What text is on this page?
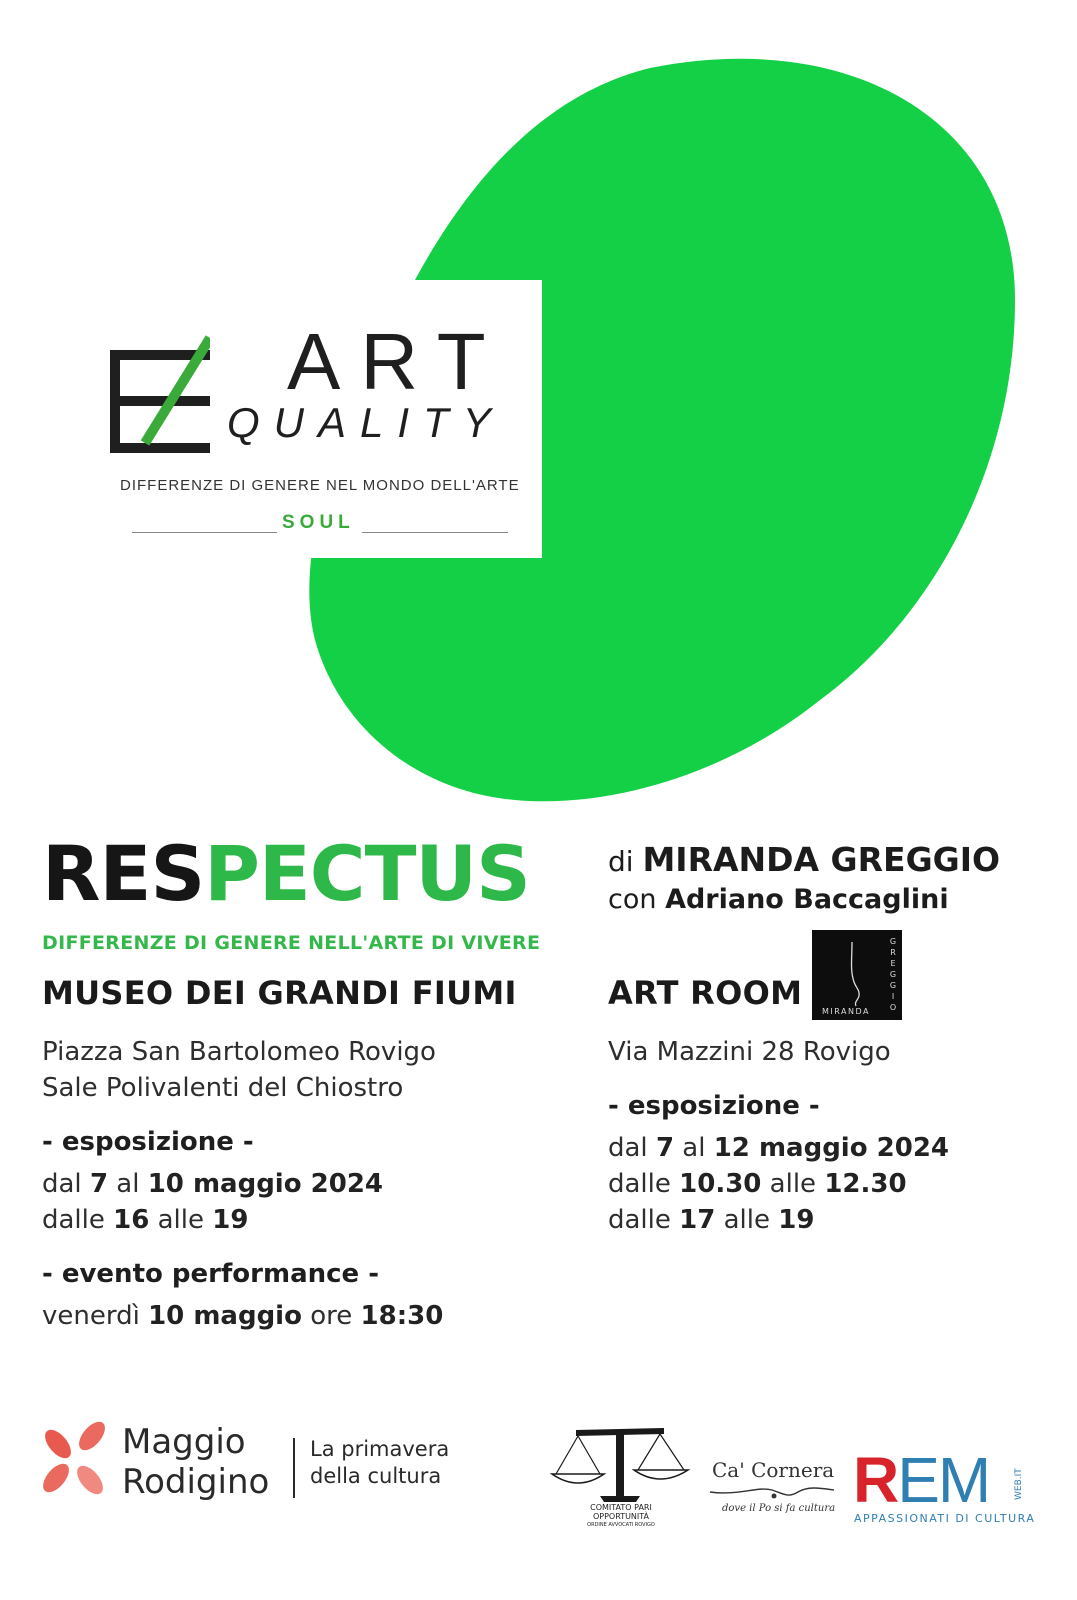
ART
QUALITY
DIFFERENZE DI GENERE NEL MONDO DELL'ARTE
SOUL
RESPECTUS
DIFFERENZE DI GENERE NELL'ARTE DI VIVERE
MUSEO DEI GRANDI FIUMI
Piazza San Bartolomeo Rovigo
Sale Polivalenti del Chiostro
- esposizione -
dal 7 al 10 maggio 2024
dalle 16 alle 19
- evento performance -
venerdì 10 maggio ore 18:30
di MIRANDA GREGGIO
con Adriano Baccaglini
ART ROOM
GREGGIO
MIRANDA
Via Mazzini 28 Rovigo
- esposizione -
dal 7 al 12 maggio 2024
dalle 10.30 alle 12.30
dalle 17 alle 19
Maggio
Rodigino
La primavera
della cultura
COMITATO PARI
OPPORTUNITÀ
ORDINE AVVOCATI ROVIGO
Ca' Cornera
dove il Po si fa cultura REM	WEB.IT
APPASSIONATI DI CULTURA
